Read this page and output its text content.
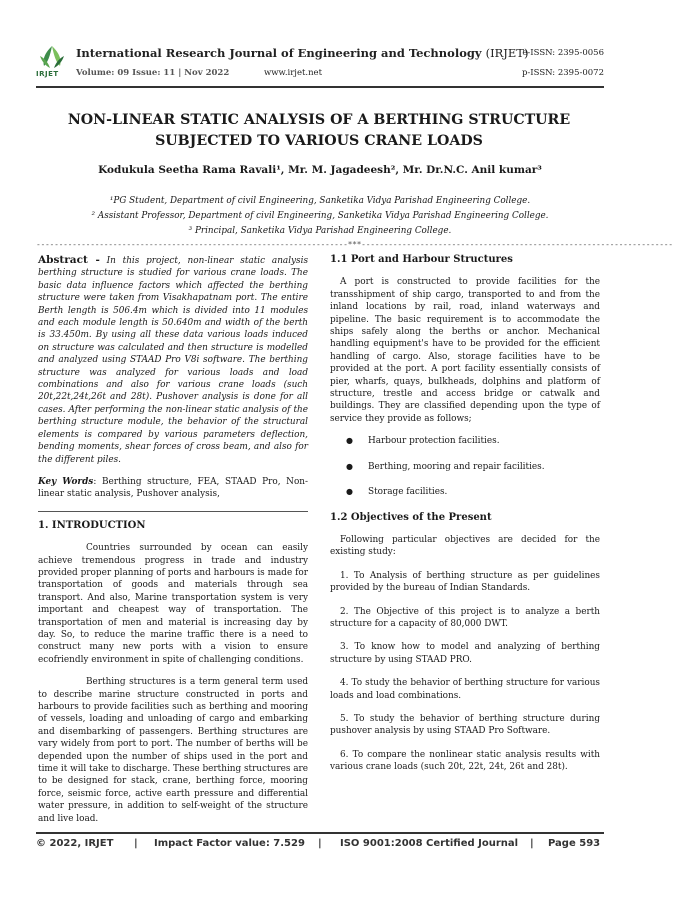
IRJET
International Research Journal of Engineering and Technology (IRJET)
e-ISSN: 2395-0056
Volume: 09 Issue: 11 | Nov 2022	www.irjet.net	p-ISSN: 2395-0072
NON-LINEAR STATIC ANALYSIS OF A BERTHING STRUCTURE
SUBJECTED TO VARIOUS CRANE LOADS
Kodukula Seetha Rama Ravali¹, Mr. M. Jagadeesh², Mr. Dr.N.C. Anil kumar³
¹PG Student, Department of civil Engineering, Sanketika Vidya Parishad Engineering College.
² Assistant Professor, Department of civil Engineering, Sanketika Vidya Parishad Engineering College.
³ Principal, Sanketika Vidya Parishad Engineering College.
---------------------------------------------------------------------***---------------------------------------------------------------------

Abstract - In this project, non-linear static analysis berthing structure is studied for various crane loads. The basic data influence factors which affected the berthing structure were taken from Visakhapatnam port. The entire Berth length is 506.4m which is divided into 11 modules and each module length is 50.640m and width of the berth is 33.450m. By using all these data various loads induced on structure was calculated and then structure is modelled and analyzed using STAAD Pro V8i software. The berthing structure was analyzed for various loads and load combinations and also for various crane loads (such 20t,22t,24t,26t and 28t). Pushover analysis is done for all cases. After performing the non-linear static analysis of the berthing structure module, the behavior of the structural elements is compared by various parameters deflection, bending moments, shear forces of cross beam, and also for the different piles.

Key Words: Berthing structure, FEA, STAAD Pro, Non-linear static analysis, Pushover analysis,

1. INTRODUCTION

Countries surrounded by ocean can easily achieve tremendous progress in trade and industry provided proper planning of ports and harbours is made for transportation of goods and materials through sea transport. And also, Marine transportation system is very important and cheapest way of transportation. The transportation of men and material is increasing day by day. So, to reduce the marine traffic there is a need to construct many new ports with a vision to ensure ecofriendly environment in spite of challenging conditions.

Berthing structures is a term general term used to describe marine structure constructed in ports and harbours to provide facilities such as berthing and mooring of vessels, loading and unloading of cargo and embarking and disembarking of passengers. Berthing structures are vary widely from port to port. The number of berths will be depended upon the number of ships used in the port and time it will take to discharge. These berthing structures are to be designed for stack, crane, berthing force, mooring force, seismic force, active earth pressure and differential water pressure, in addition to self-weight of the structure and live load.

1.1 Port and Harbour Structures

A port is constructed to provide facilities for the transshipment of ship cargo, transported to and from the inland locations by rail, road, inland waterways and pipeline. The basic requirement is to accommodate the ships safely along the berths or anchor. Mechanical handling equipment's have to be provided for the efficient handling of cargo. Also, storage facilities have to be provided at the port. A port facility essentially consists of pier, wharfs, quays, bulkheads, dolphins and platform of structure, trestle and access bridge or catwalk and buildings. They are classified depending upon the type of service they provide as follows;

● Harbour protection facilities.
● Berthing, mooring and repair facilities.
● Storage facilities.
1.2 Objectives of the Present

Following particular objectives are decided for the existing study:

1. To Analysis of berthing structure as per guidelines provided by the bureau of Indian Standards.

2. The Objective of this project is to analyze a berth structure for a capacity of 80,000 DWT.

3. To know how to model and analyzing of berthing structure by using STAAD PRO.

4. To study the behavior of berthing structure for various loads and load combinations.

5. To study the behavior of berthing structure during pushover analysis by using STAAD Pro Software.

6. To compare the nonlinear static analysis results with various crane loads (such 20t, 22t, 24t, 26t and 28t).

© 2022, IRJET | Impact Factor value: 7.529 | ISO 9001:2008 Certified Journal | Page 593
